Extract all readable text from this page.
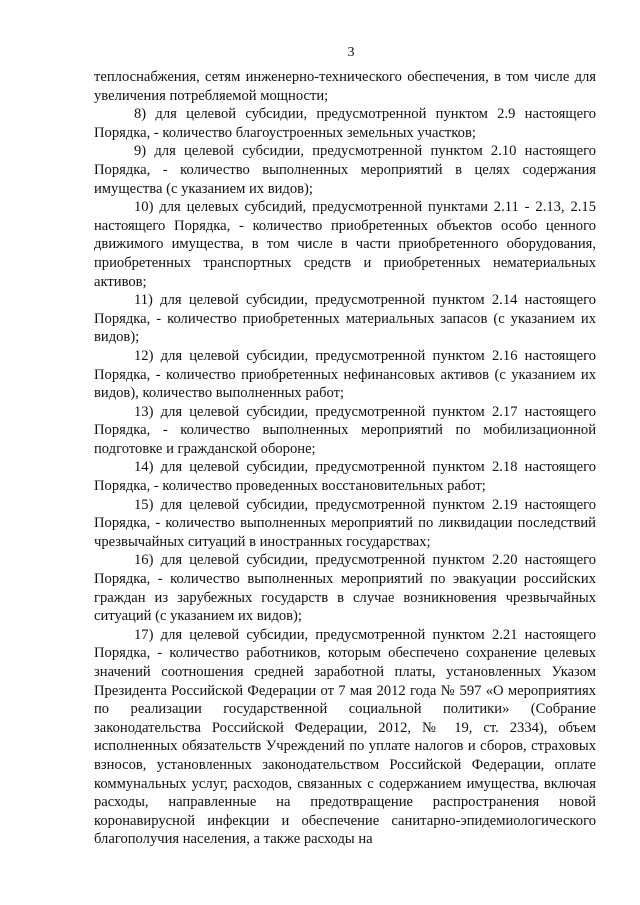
3

теплоснабжения, сетям инженерно-технического обеспечения, в том числе для увеличения потребляемой мощности;

8) для целевой субсидии, предусмотренной пунктом 2.9 настоящего Порядка, - количество благоустроенных земельных участков;

9) для целевой субсидии, предусмотренной пунктом 2.10 настоящего Порядка, - количество выполненных мероприятий в целях содержания имущества (с указанием их видов);

10) для целевых субсидий, предусмотренной пунктами 2.11 - 2.13, 2.15 настоящего Порядка, - количество приобретенных объектов особо ценного движимого имущества, в том числе в части приобретенного оборудования, приобретенных транспортных средств и приобретенных нематериальных активов;

11) для целевой субсидии, предусмотренной пунктом 2.14 настоящего Порядка, - количество приобретенных материальных запасов (с указанием их видов);

12) для целевой субсидии, предусмотренной пунктом 2.16 настоящего Порядка, - количество приобретенных нефинансовых активов (с указанием их видов), количество выполненных работ;

13) для целевой субсидии, предусмотренной пунктом 2.17 настоящего Порядка, - количество выполненных мероприятий по мобилизационной подготовке и гражданской обороне;

14) для целевой субсидии, предусмотренной пунктом 2.18 настоящего Порядка, - количество проведенных восстановительных работ;

15) для целевой субсидии, предусмотренной пунктом 2.19 настоящего Порядка, - количество выполненных мероприятий по ликвидации последствий чрезвычайных ситуаций в иностранных государствах;

16) для целевой субсидии, предусмотренной пунктом 2.20 настоящего Порядка, - количество выполненных мероприятий по эвакуации российских граждан из зарубежных государств в случае возникновения чрезвычайных ситуаций (с указанием их видов);

17) для целевой субсидии, предусмотренной пунктом 2.21 настоящего Порядка, - количество работников, которым обеспечено сохранение целевых значений соотношения средней заработной платы, установленных Указом Президента Российской Федерации от 7 мая 2012 года № 597 «О мероприятиях по реализации государственной социальной политики» (Собрание законодательства Российской Федерации, 2012, № 19, ст. 2334), объем исполненных обязательств Учреждений по уплате налогов и сборов, страховых взносов, установленных законодательством Российской Федерации, оплате коммунальных услуг, расходов, связанных с содержанием имущества, включая расходы, направленные на предотвращение распространения новой коронавирусной инфекции и обеспечение санитарно-эпидемиологического благополучия населения, а также расходы на
